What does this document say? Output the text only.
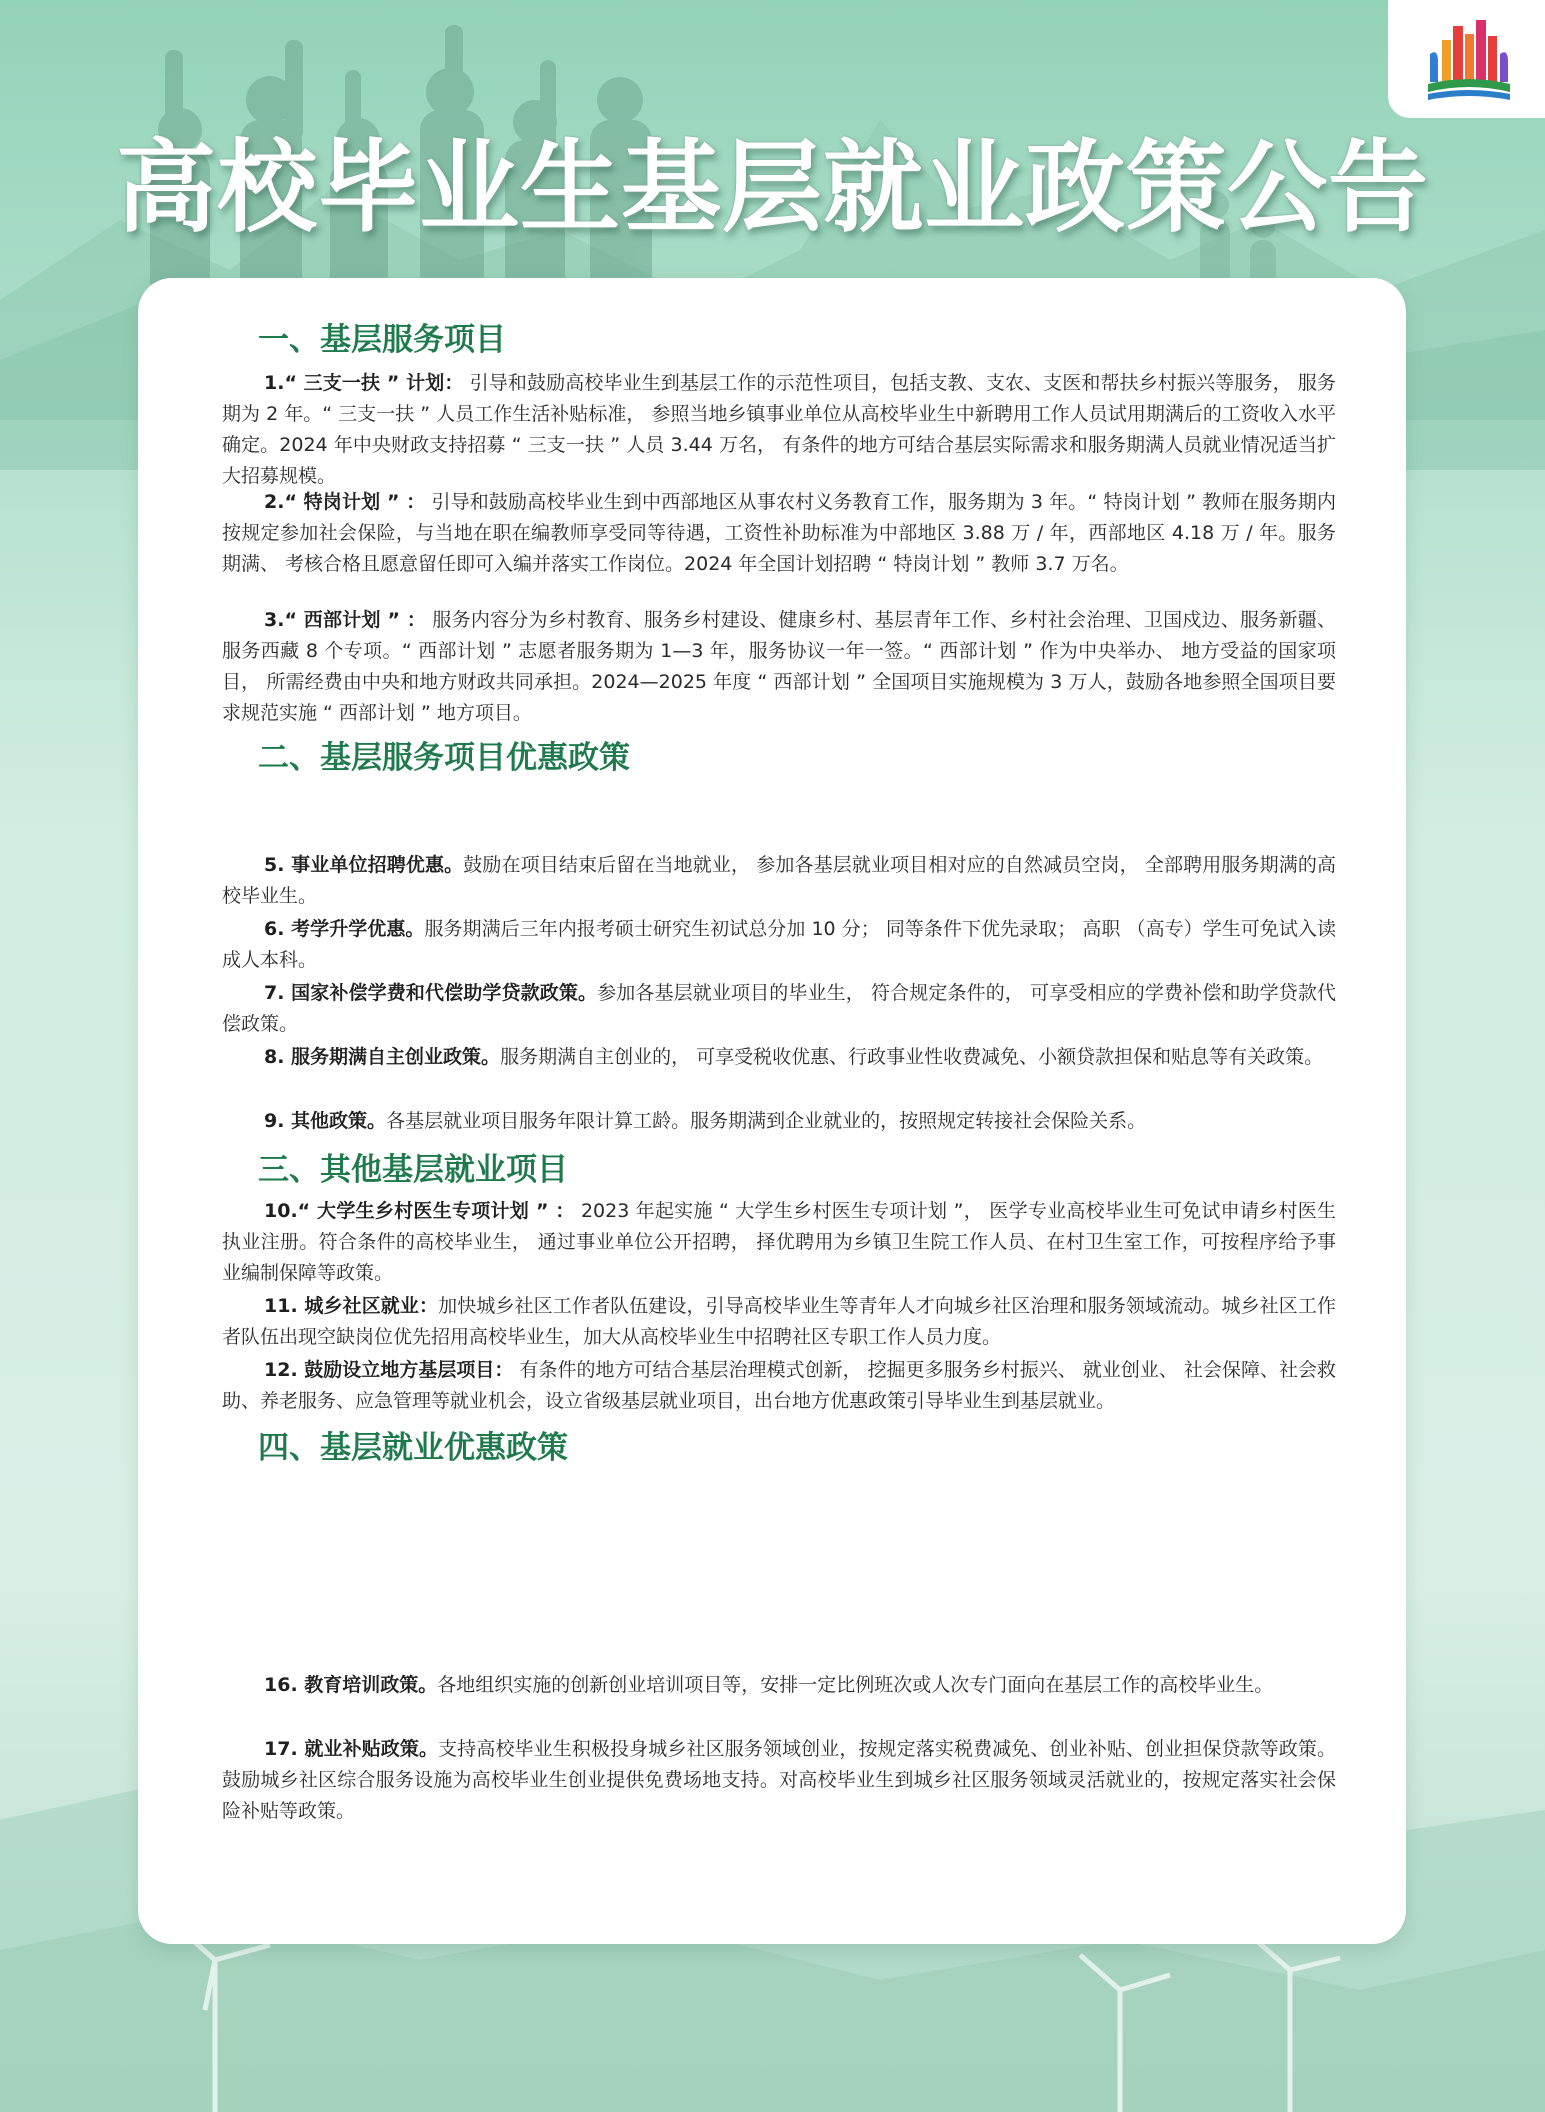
高校毕业生基层就业政策公告
一、基层服务项目

1.“ 三支一扶 ” 计划： 引导和鼓励高校毕业生到基层工作的示范性项目，包括支教、支农、支医和帮扶乡村振兴等服务， 服务期为 2 年。“ 三支一扶 ” 人员工作生活补贴标准， 参照当地乡镇事业单位从高校毕业生中新聘用工作人员试用期满后的工资收入水平确定。2024 年中央财政支持招募 “ 三支一扶 ” 人员 3.44 万名， 有条件的地方可结合基层实际需求和服务期满人员就业情况适当扩大招募规模。

2.“ 特岗计划 ” ： 引导和鼓励高校毕业生到中西部地区从事农村义务教育工作，服务期为 3 年。“ 特岗计划 ” 教师在服务期内按规定参加社会保险，与当地在职在编教师享受同等待遇，工资性补助标准为中部地区 3.88 万 / 年，西部地区 4.18 万 / 年。服务期满、 考核合格且愿意留任即可入编并落实工作岗位。2024 年全国计划招聘 “ 特岗计划 ” 教师 3.7 万名。

3.“ 西部计划 ” ： 服务内容分为乡村教育、服务乡村建设、健康乡村、基层青年工作、乡村社会治理、卫国戍边、服务新疆、服务西藏 8 个专项。“ 西部计划 ” 志愿者服务期为 1—3 年，服务协议一年一签。“ 西部计划 ” 作为中央举办、 地方受益的国家项目， 所需经费由中央和地方财政共同承担。2024—2025 年度 “ 西部计划 ” 全国项目实施规模为 3 万人，鼓励各地参照全国项目要求规范实施 “ 西部计划 ” 地方项目。

二、基层服务项目优惠政策

5. 事业单位招聘优惠。鼓励在项目结束后留在当地就业， 参加各基层就业项目相对应的自然减员空岗， 全部聘用服务期满的高校毕业生。

6. 考学升学优惠。服务期满后三年内报考硕士研究生初试总分加 10 分； 同等条件下优先录取； 高职 （高专）学生可免试入读成人本科。

7. 国家补偿学费和代偿助学贷款政策。参加各基层就业项目的毕业生， 符合规定条件的， 可享受相应的学费补偿和助学贷款代偿政策。

8. 服务期满自主创业政策。服务期满自主创业的， 可享受税收优惠、行政事业性收费减免、小额贷款担保和贴息等有关政策。

9. 其他政策。各基层就业项目服务年限计算工龄。服务期满到企业就业的，按照规定转接社会保险关系。

三、其他基层就业项目

10.“ 大学生乡村医生专项计划 ” ： 2023 年起实施 “ 大学生乡村医生专项计划 ”， 医学专业高校毕业生可免试申请乡村医生执业注册。符合条件的高校毕业生， 通过事业单位公开招聘， 择优聘用为乡镇卫生院工作人员、在村卫生室工作，可按程序给予事业编制保障等政策。

11. 城乡社区就业：加快城乡社区工作者队伍建设，引导高校毕业生等青年人才向城乡社区治理和服务领域流动。城乡社区工作者队伍出现空缺岗位优先招用高校毕业生，加大从高校毕业生中招聘社区专职工作人员力度。

12. 鼓励设立地方基层项目： 有条件的地方可结合基层治理模式创新， 挖掘更多服务乡村振兴、 就业创业、 社会保障、社会救助、养老服务、应急管理等就业机会，设立省级基层就业项目，出台地方优惠政策引导毕业生到基层就业。

四、基层就业优惠政策

16. 教育培训政策。各地组织实施的创新创业培训项目等，安排一定比例班次或人次专门面向在基层工作的高校毕业生。

17. 就业补贴政策。支持高校毕业生积极投身城乡社区服务领域创业，按规定落实税费减免、创业补贴、创业担保贷款等政策。鼓励城乡社区综合服务设施为高校毕业生创业提供免费场地支持。对高校毕业生到城乡社区服务领域灵活就业的，按规定落实社会保险补贴等政策。
